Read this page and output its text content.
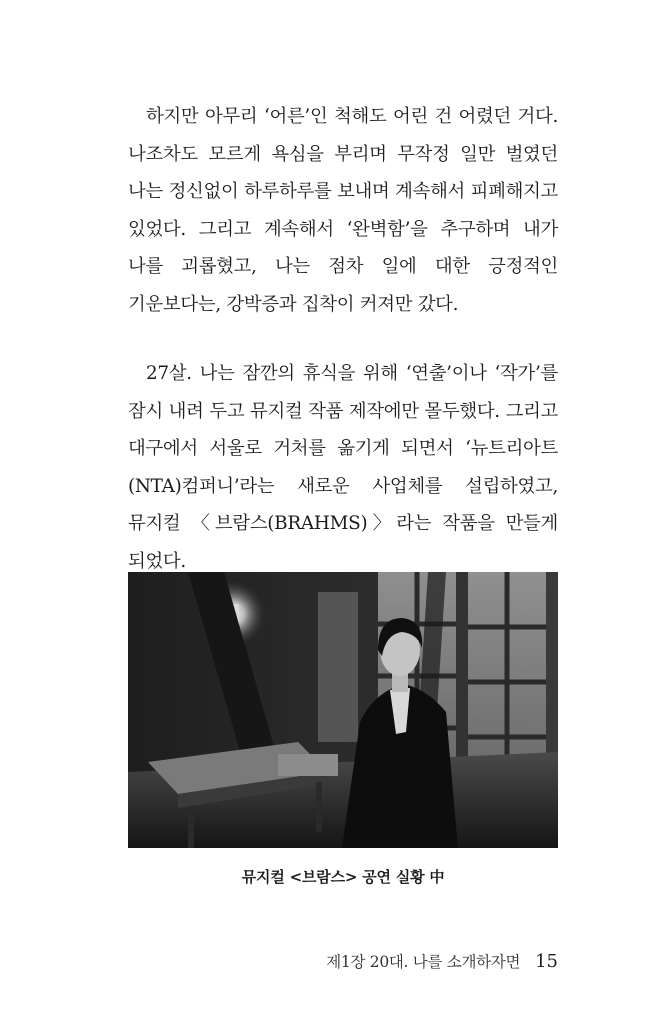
하지만 아무리 ‘어른’인 척해도 어린 건 어렸던 거다. 나조차도 모르게 욕심을 부리며 무작정 일만 벌였던 나는 정신없이 하루하루를 보내며 계속해서 피폐해지고 있었다. 그리고 계속해서 ‘완벽함’을 추구하며 내가 나를 괴롭혔고, 나는 점차 일에 대한 긍정적인 기운보다는, 강박증과 집착이 커져만 갔다.

27살. 나는 잠깐의 휴식을 위해 ‘연출’이나 ‘작가’를 잠시 내려 두고 뮤지컬 작품 제작에만 몰두했다. 그리고 대구에서 서울로 거처를 옮기게 되면서 ‘뉴트리아트(NTA)컴퍼니’라는 새로운 사업체를 설립하였고, 뮤지컬 〈브람스(BRAHMS)〉라는 작품을 만들게 되었다.

뮤지컬 <브람스> 공연 실황 中
제1장 20대. 나를 소개하자면 15
